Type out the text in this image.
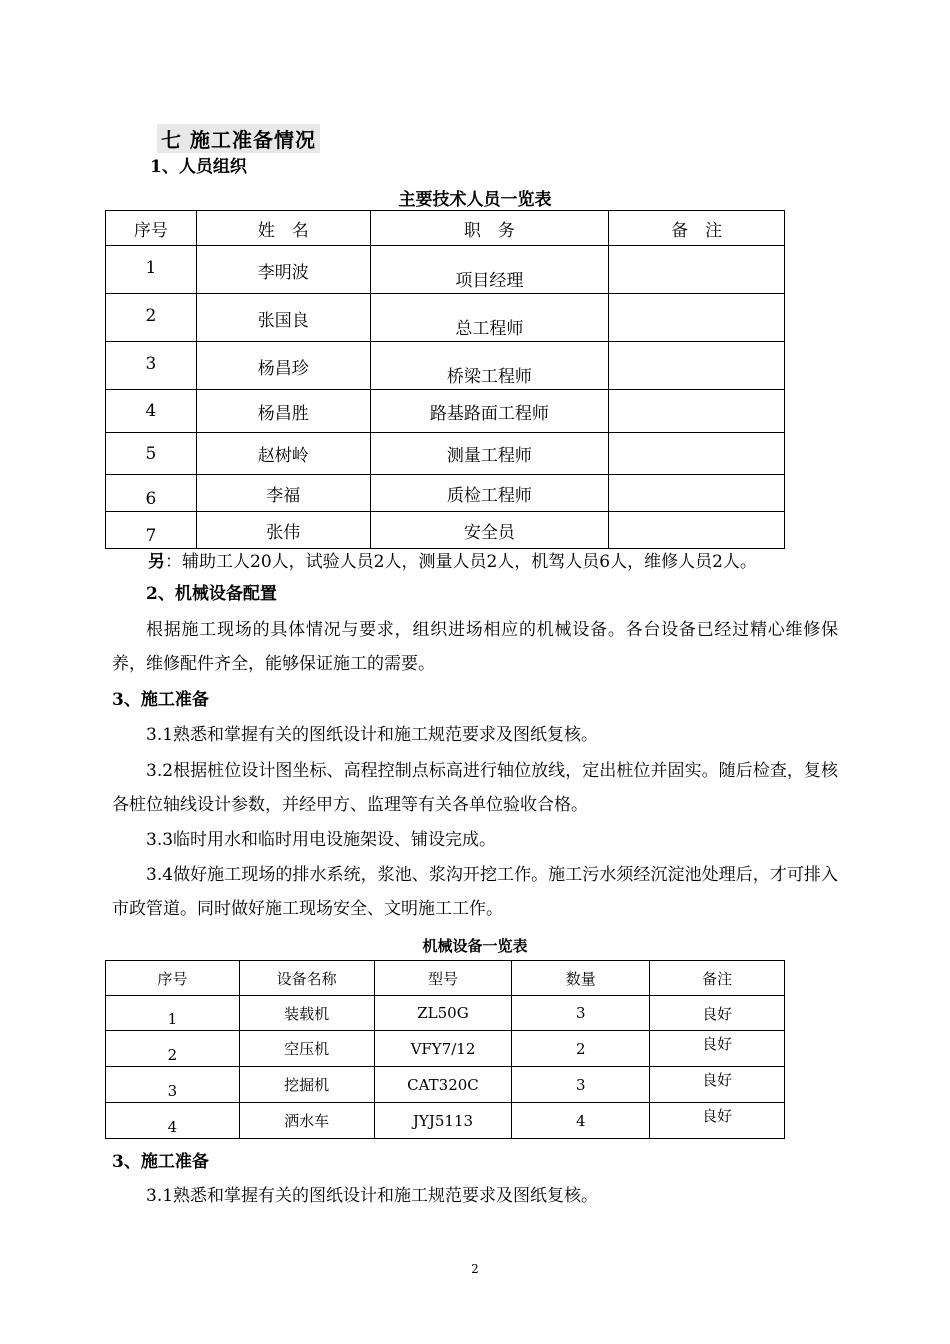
七 施工准备情况
1、人员组织
主要技术人员一览表
序号	姓　名	职　务	备　注
1	李明波	项目经理	
2	张国良	总工程师	
3	杨昌珍	桥梁工程师	
4	杨昌胜	路基路面工程师	
5	赵树岭	测量工程师	
6	李福	质检工程师	
7	张伟	安全员	
另：辅助工人20人，试验人员2人，测量人员2人，机驾人员6人，维修人员2人。
2、机械设备配置
根据施工现场的具体情况与要求，组织进场相应的机械设备。各台设备已经过精心维修保养，维修配件齐全，能够保证施工的需要。
3、施工准备
3.1熟悉和掌握有关的图纸设计和施工规范要求及图纸复核。
3.2根据桩位设计图坐标、高程控制点标高进行轴位放线，定出桩位并固实。随后检查，复核各桩位轴线设计参数，并经甲方、监理等有关各单位验收合格。
3.3临时用水和临时用电设施架设、铺设完成。
3.4做好施工现场的排水系统，浆池、浆沟开挖工作。施工污水须经沉淀池处理后，才可排入市政管道。同时做好施工现场安全、文明施工工作。
机械设备一览表
序号	设备名称	型号	数量	备注
1	装载机	ZL50G	3	良好
2	空压机	VFY7/12	2	良好
3	挖掘机	CAT320C	3	良好
4	洒水车	JYJ5113	4	良好
3、施工准备
3.1熟悉和掌握有关的图纸设计和施工规范要求及图纸复核。
2
